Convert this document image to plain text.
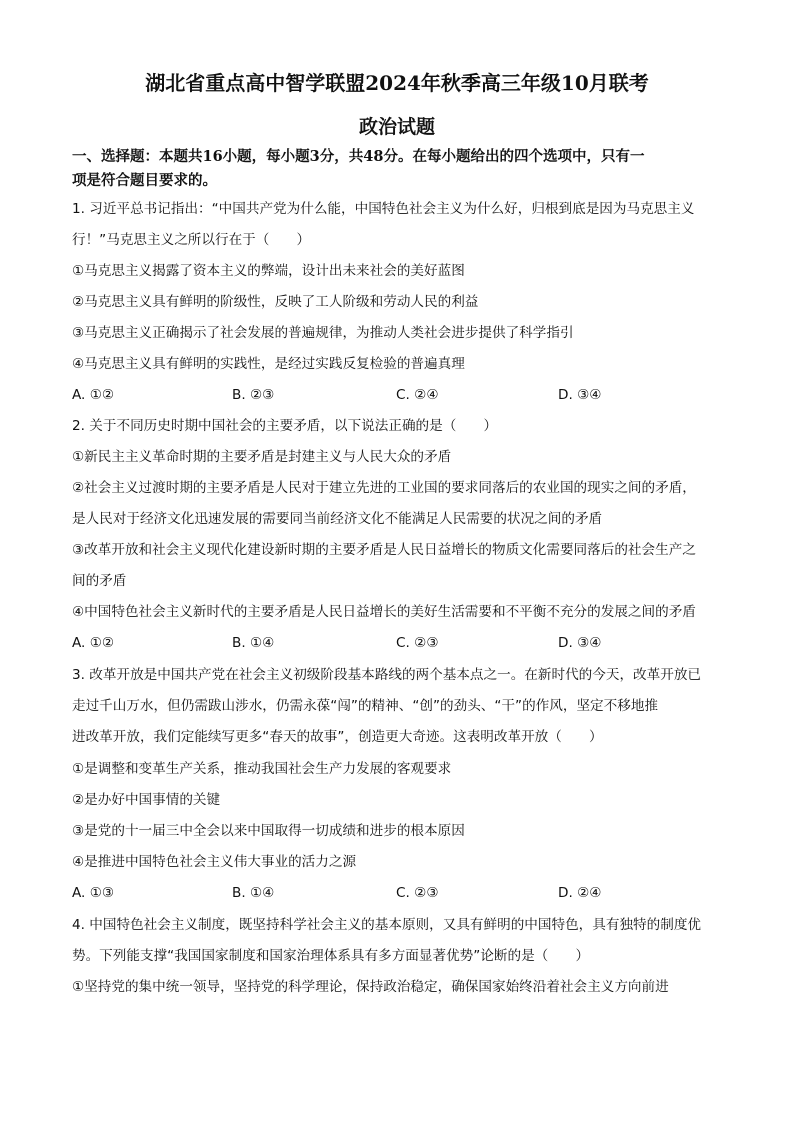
湖北省重点高中智学联盟2024年秋季高三年级10月联考
政治试题
一、选择题：本题共16小题，每小题3分，共48分。在每小题给出的四个选项中，只有一
项是符合题目要求的。
1. 习近平总书记指出：“中国共产党为什么能，中国特色社会主义为什么好，归根到底是因为马克思主义
行！”马克思主义之所以行在于（　　）
①马克思主义揭露了资本主义的弊端，设计出未来社会的美好蓝图
②马克思主义具有鲜明的阶级性，反映了工人阶级和劳动人民的利益
③马克思主义正确揭示了社会发展的普遍规律，为推动人类社会进步提供了科学指引
④马克思主义具有鲜明的实践性，是经过实践反复检验的普遍真理
A. ①②	B. ②③	C. ②④	D. ③④
2. 关于不同历史时期中国社会的主要矛盾，以下说法正确的是（　　）
①新民主主义革命时期的主要矛盾是封建主义与人民大众的矛盾
②社会主义过渡时期的主要矛盾是人民对于建立先进的工业国的要求同落后的农业国的现实之间的矛盾，
是人民对于经济文化迅速发展的需要同当前经济文化不能满足人民需要的状况之间的矛盾
③改革开放和社会主义现代化建设新时期的主要矛盾是人民日益增长的物质文化需要同落后的社会生产之
间的矛盾
④中国特色社会主义新时代的主要矛盾是人民日益增长的美好生活需要和不平衡不充分的发展之间的矛盾
A. ①②	B. ①④	C. ②③	D. ③④
3. 改革开放是中国共产党在社会主义初级阶段基本路线的两个基本点之一。在新时代的今天，改革开放已
走过千山万水，但仍需跋山涉水，仍需永葆“闯”的精神、“创”的劲头、“干”的作风，坚定不移地推
进改革开放，我们定能续写更多“春天的故事”，创造更大奇迹。这表明改革开放（　　）
①是调整和变革生产关系，推动我国社会生产力发展的客观要求
②是办好中国事情的关键
③是党的十一届三中全会以来中国取得一切成绩和进步的根本原因
④是推进中国特色社会主义伟大事业的活力之源
A. ①③	B. ①④	C. ②③	D. ②④
4. 中国特色社会主义制度，既坚持科学社会主义的基本原则，又具有鲜明的中国特色，具有独特的制度优
势。下列能支撑“我国国家制度和国家治理体系具有多方面显著优势”论断的是（　　）
①坚持党的集中统一领导，坚持党的科学理论，保持政治稳定，确保国家始终沿着社会主义方向前进
